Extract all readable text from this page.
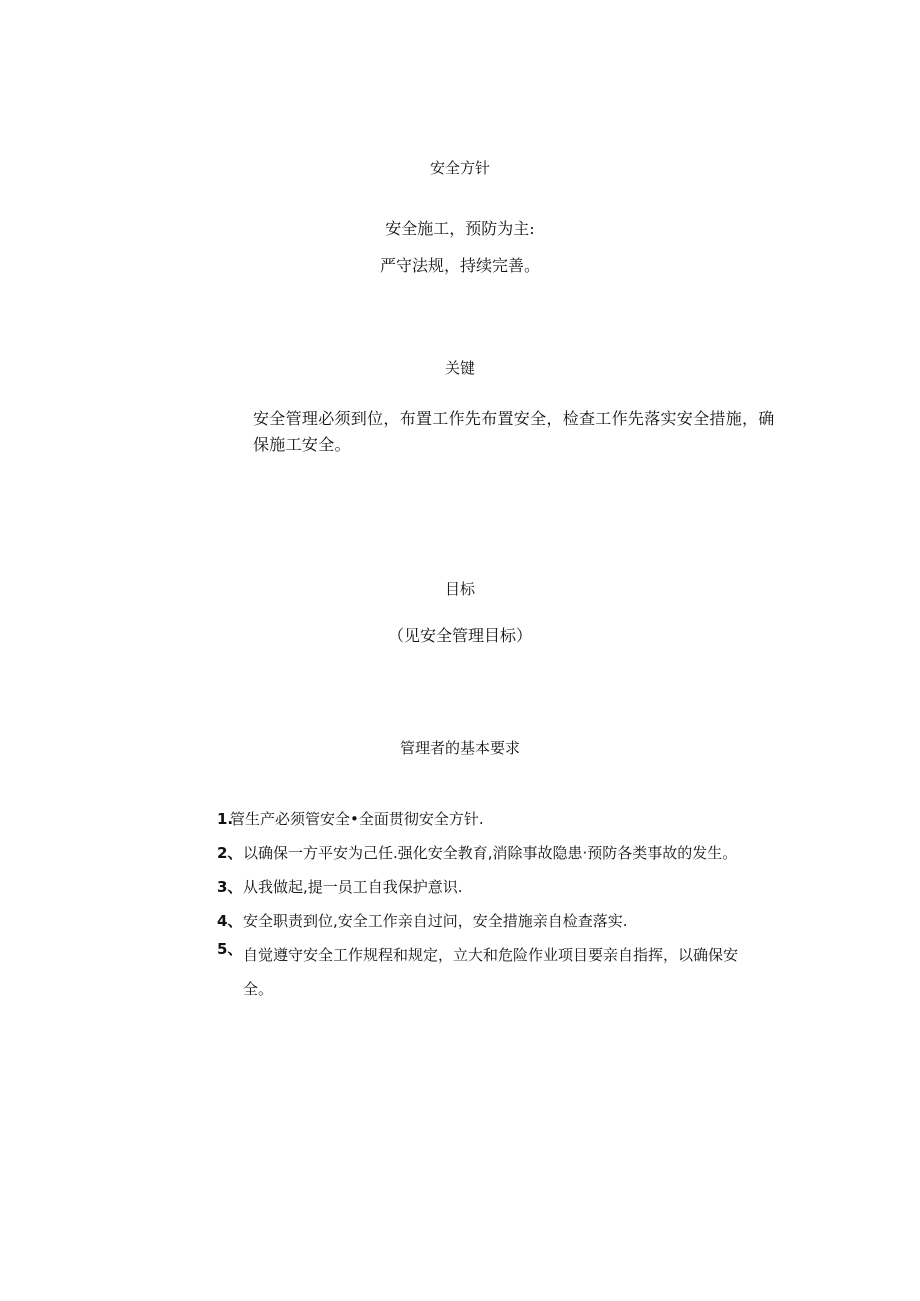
安全方针
安全施工，预防为主:
严守法规，持续完善。
关键
安全管理必须到位，布置工作先布置安全，检查工作先落实安全措施，确保施工安全。
目标
（见安全管理目标）
管理者的基本要求
1.
管生产必须管安全•全面贯彻安全方针.
2、 以确保一方平安为己任.强化安全教育,消除事故隐患·预防各类事故的发生。
3、 从我做起,提一员工自我保护意识.
4、 安全职责到位,安全工作亲自过问，安全措施亲自检查落实.
5、 自觉遵守安全工作规程和规定，立大和危险作业项目要亲自指挥，以确保安全。
